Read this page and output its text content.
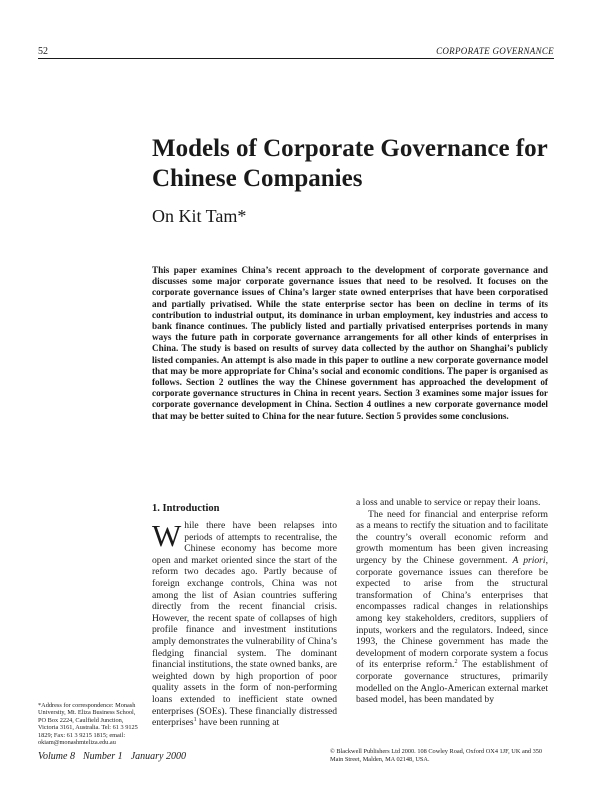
52	CORPORATE GOVERNANCE
Models of Corporate Governance for Chinese Companies
On Kit Tam*

This paper examines China’s recent approach to the development of corporate governance and discusses some major corporate governance issues that need to be resolved. It focuses on the corporate governance issues of China’s larger state owned enterprises that have been corporatised and partially privatised. While the state enterprise sector has been on decline in terms of its contribution to industrial output, its dominance in urban employment, key industries and access to bank finance continues. The publicly listed and partially privatised enterprises portends in many ways the future path in corporate governance arrangements for all other kinds of enterprises in China. The study is based on results of survey data collected by the author on Shanghai’s publicly listed companies. An attempt is also made in this paper to outline a new corporate governance model that may be more appropriate for China’s social and economic conditions. The paper is organised as follows. Section 2 outlines the way the Chinese government has approached the development of corporate governance structures in China in recent years. Section 3 examines some major issues for corporate governance development in China. Section 4 outlines a new corporate governance model that may be better suited to China for the near future. Section 5 provides some conclusions.

1. Introduction

While there have been relapses into periods of attempts to recentralise, the Chinese economy has become more open and market oriented since the start of the reform two decades ago. Partly because of foreign exchange controls, China was not among the list of Asian countries suffering directly from the recent financial crisis. However, the recent spate of collapses of high profile finance and investment institutions amply demonstrates the vulnerability of China’s fledging financial system. The dominant financial institutions, the state owned banks, are weighted down by high proportion of poor quality assets in the form of non-performing loans extended to inefficient state owned enterprises (SOEs). These financially distressed enterprises$^1$ have been running at

a loss and unable to service or repay their loans.

The need for financial and enterprise reform as a means to rectify the situation and to facilitate the country’s overall economic reform and growth momentum has been given increasing urgency by the Chinese government. A priori, corporate governance issues can therefore be expected to arise from the structural transformation of China’s enterprises that encompasses radical changes in relationships among key stakeholders, creditors, suppliers of inputs, workers and the regulators. Indeed, since 1993, the Chinese government has made the development of modern corporate system a focus of its enterprise reform.$^2$ The establishment of corporate governance structures, primarily modelled on the Anglo-American external market based model, has been mandated by

*Address for correspondence: Monash University, Mt. Eliza Business School, PO Box 2224, Caulfield Junction, Victoria 3161, Australia. Tel: 61 3 9125 1829; Fax: 61 3 9215 1815; email: okiam@monashmteliza.edu.au

Volume 8 Number 1 January 2000	© Blackwell Publishers Ltd 2000. 108 Cowley Road, Oxford OX4 1JF, UK and 350 Main Street, Malden, MA 02148, USA.
